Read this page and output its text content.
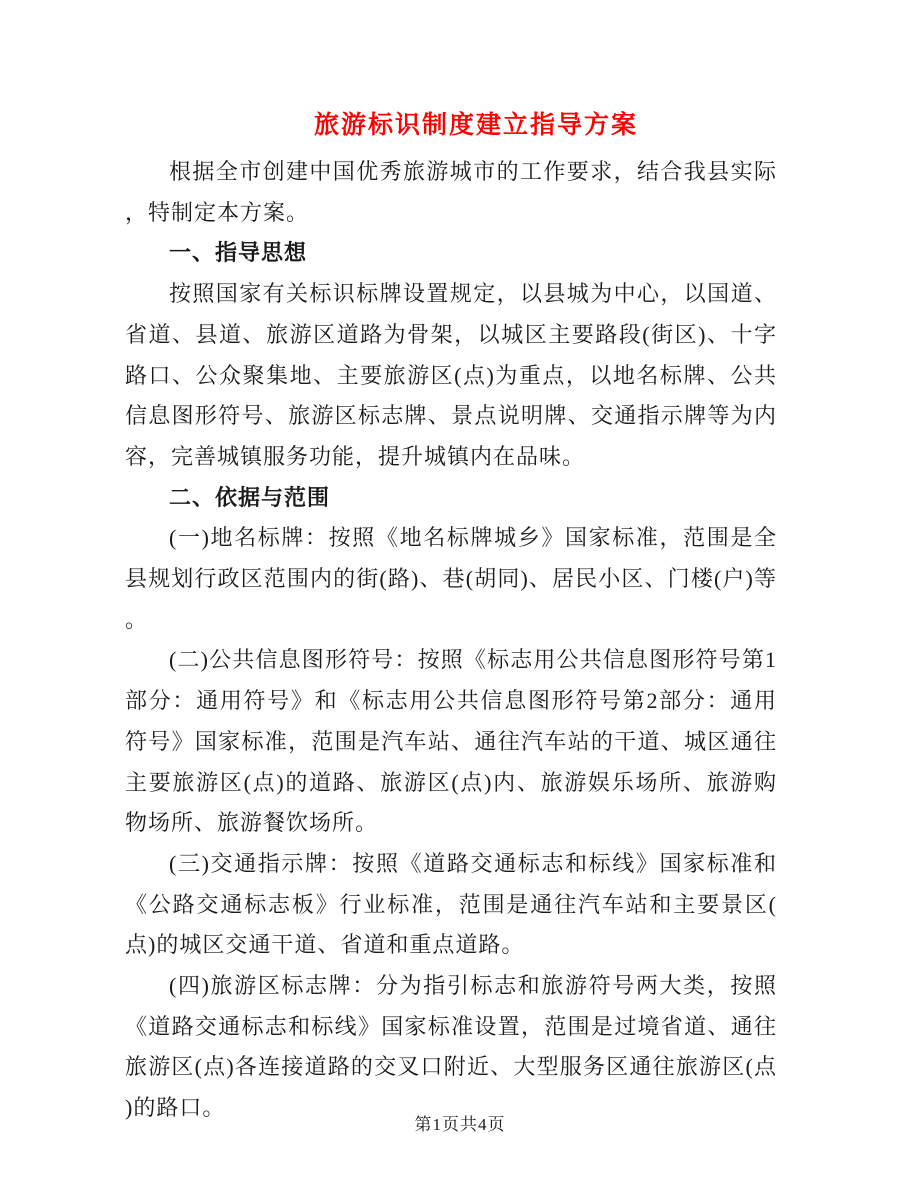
旅游标识制度建立指导方案

根据全市创建中国优秀旅游城市的工作要求，结合我县实际，特制定本方案。

一、指导思想

按照国家有关标识标牌设置规定，以县城为中心，以国道、省道、县道、旅游区道路为骨架，以城区主要路段(街区)、十字路口、公众聚集地、主要旅游区(点)为重点，以地名标牌、公共信息图形符号、旅游区标志牌、景点说明牌、交通指示牌等为内容，完善城镇服务功能，提升城镇内在品味。

二、依据与范围

(一)地名标牌：按照《地名标牌城乡》国家标准，范围是全县规划行政区范围内的街(路)、巷(胡同)、居民小区、门楼(户)等。

(二)公共信息图形符号：按照《标志用公共信息图形符号第1部分：通用符号》和《标志用公共信息图形符号第2部分：通用符号》国家标准，范围是汽车站、通往汽车站的干道、城区通往主要旅游区(点)的道路、旅游区(点)内、旅游娱乐场所、旅游购物场所、旅游餐饮场所。

(三)交通指示牌：按照《道路交通标志和标线》国家标准和《公路交通标志板》行业标准，范围是通往汽车站和主要景区(点)的城区交通干道、省道和重点道路。

(四)旅游区标志牌：分为指引标志和旅游符号两大类，按照《道路交通标志和标线》国家标准设置，范围是过境省道、通往旅游区(点)各连接道路的交叉口附近、大型服务区通往旅游区(点)的路口。

第1页共4页
